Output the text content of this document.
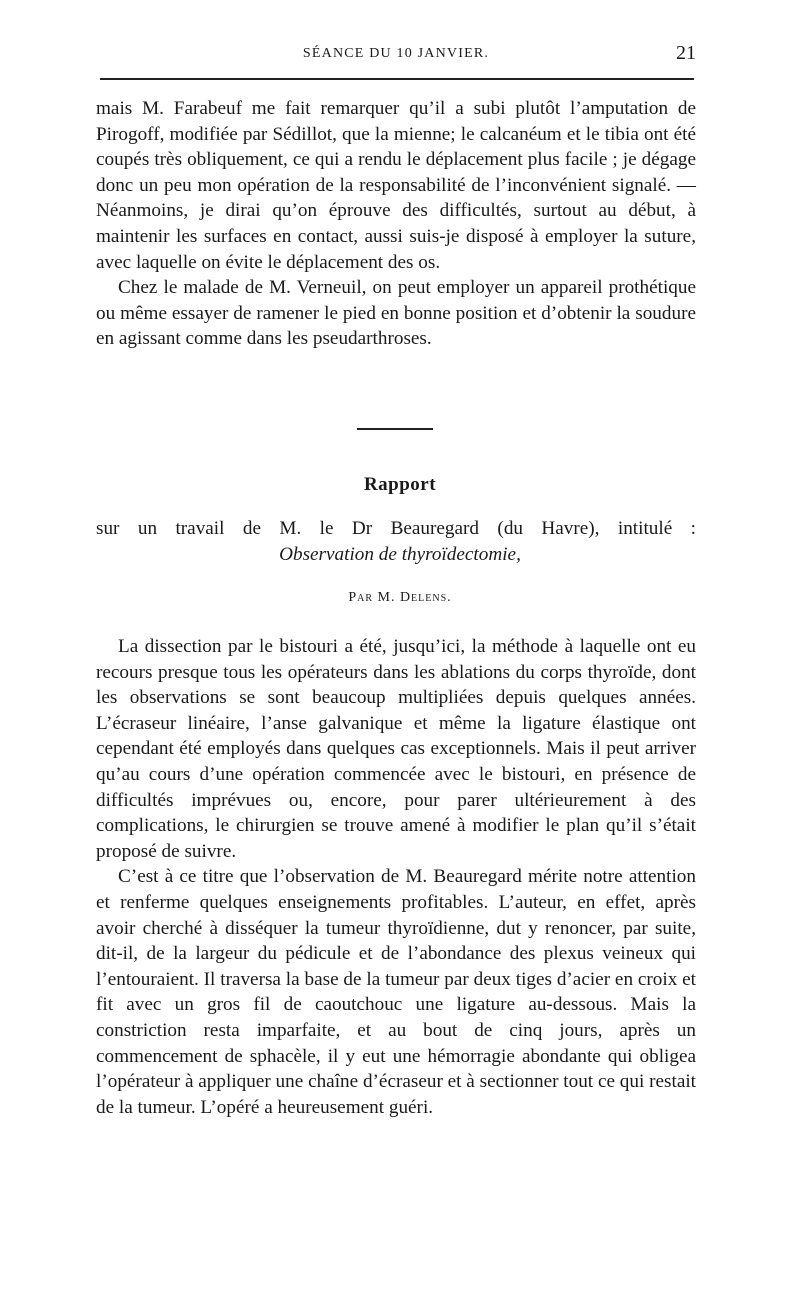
SÉANCE DU 10 JANVIER.	21

mais M. Farabeuf me fait remarquer qu’il a subi plutôt l’amputation de Pirogoff, modifiée par Sédillot, que la mienne; le calcanéum et le tibia ont été coupés très obliquement, ce qui a rendu le déplacement plus facile ; je dégage donc un peu mon opération de la responsabilité de l’inconvénient signalé. — Néanmoins, je dirai qu’on éprouve des difficultés, surtout au début, à maintenir les surfaces en contact, aussi suis-je disposé à employer la suture, avec laquelle on évite le déplacement des os.

Chez le malade de M. Verneuil, on peut employer un appareil prothétique ou même essayer de ramener le pied en bonne position et d’obtenir la soudure en agissant comme dans les pseudarthroses.

Rapport
sur un travail de M. le Dr Beauregard (du Havre), intitulé :
Observation de thyroïdectomie,
Par M. Delens.

La dissection par le bistouri a été, jusqu’ici, la méthode à laquelle ont eu recours presque tous les opérateurs dans les ablations du corps thyroïde, dont les observations se sont beaucoup multipliées depuis quelques années. L’écraseur linéaire, l’anse galvanique et même la ligature élastique ont cependant été employés dans quelques cas exceptionnels. Mais il peut arriver qu’au cours d’une opération commencée avec le bistouri, en présence de difficultés imprévues ou, encore, pour parer ultérieurement à des complications, le chirurgien se trouve amené à modifier le plan qu’il s’était proposé de suivre.

C’est à ce titre que l’observation de M. Beauregard mérite notre attention et renferme quelques enseignements profitables. L’auteur, en effet, après avoir cherché à disséquer la tumeur thyroïdienne, dut y renoncer, par suite, dit-il, de la largeur du pédicule et de l’abondance des plexus veineux qui l’entouraient. Il traversa la base de la tumeur par deux tiges d’acier en croix et fit avec un gros fil de caoutchouc une ligature au-dessous. Mais la constriction resta imparfaite, et au bout de cinq jours, après un commencement de sphacèle, il y eut une hémorragie abondante qui obligea l’opérateur à appliquer une chaîne d’écraseur et à sectionner tout ce qui restait de la tumeur. L’opéré a heureusement guéri.
